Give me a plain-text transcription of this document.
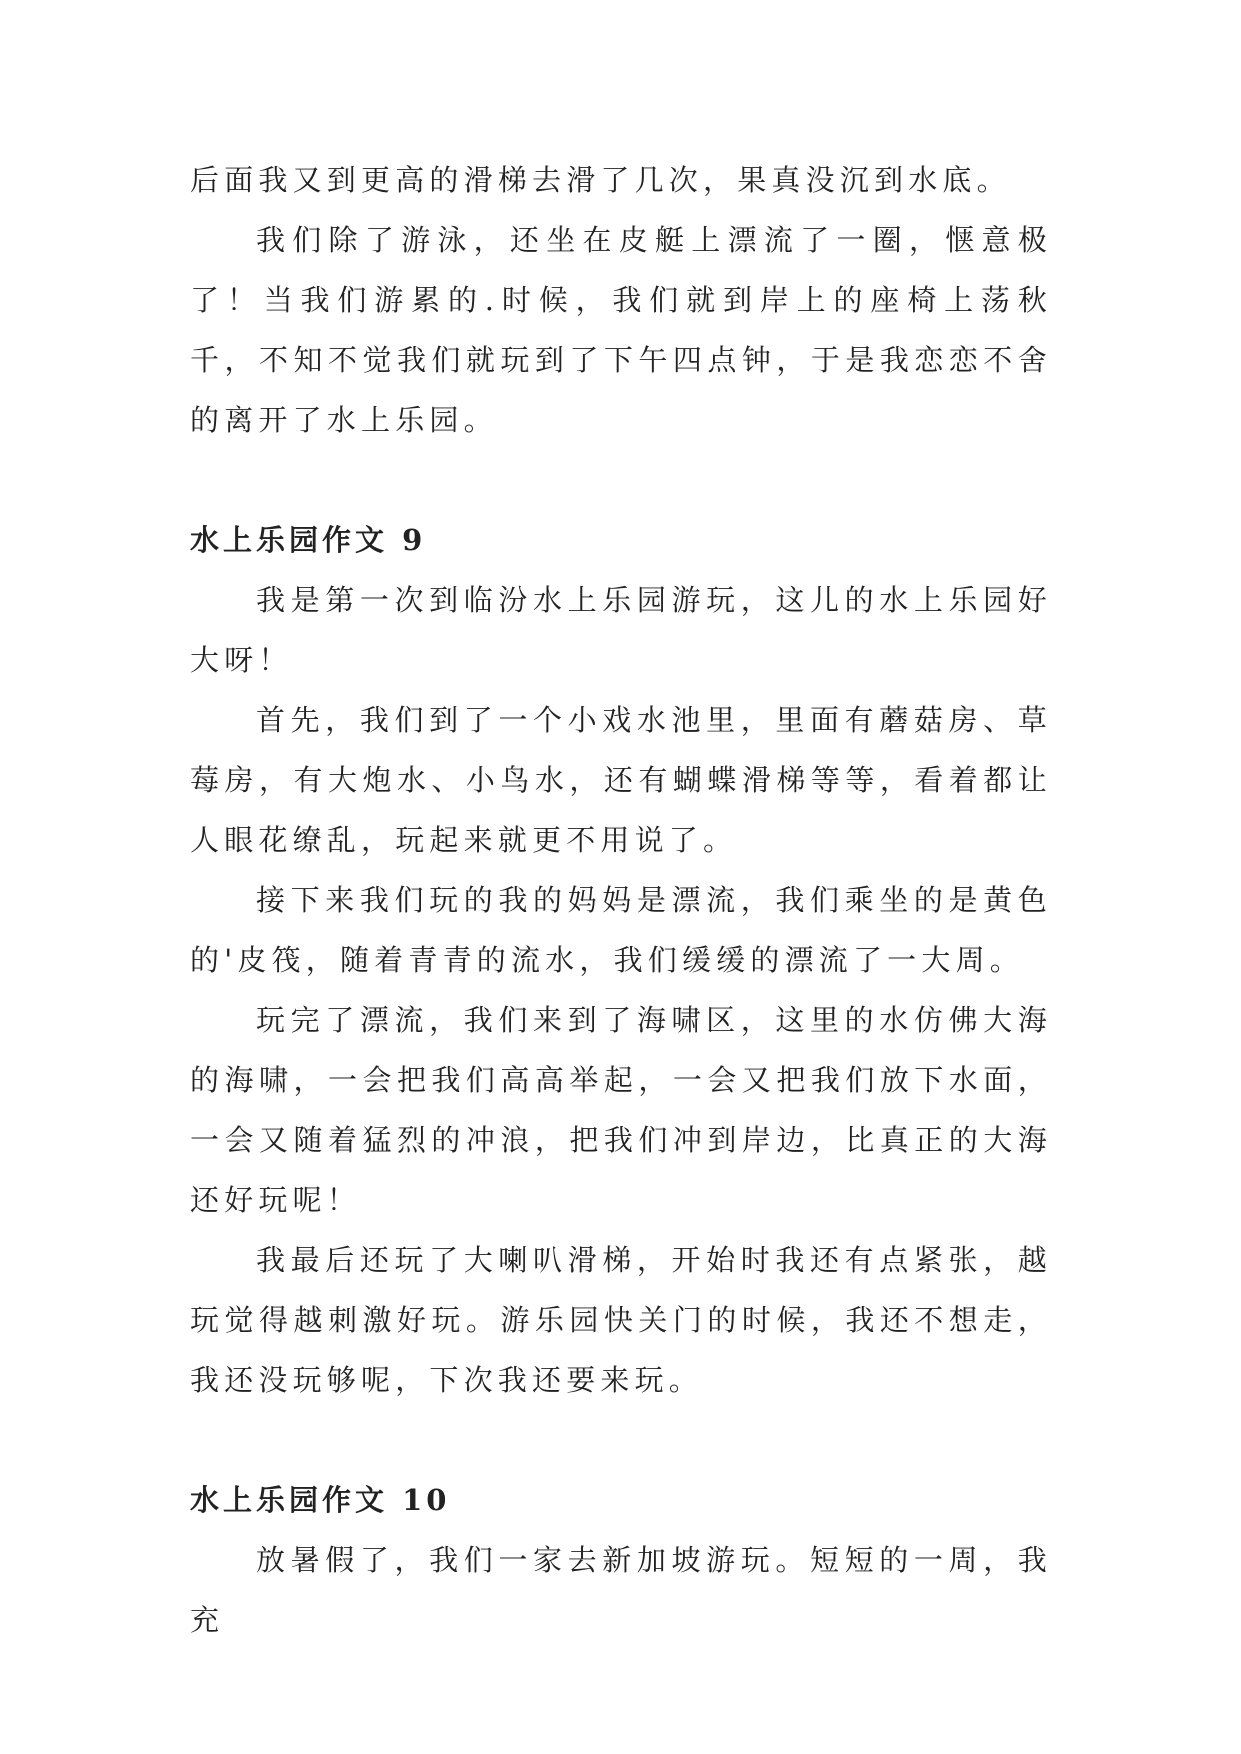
后面我又到更高的滑梯去滑了几次，果真没沉到水底。

我们除了游泳，还坐在皮艇上漂流了一圈，惬意极了！当我们游累的.时候，我们就到岸上的座椅上荡秋千，不知不觉我们就玩到了下午四点钟，于是我恋恋不舍的离开了水上乐园。

水上乐园作文 9

我是第一次到临汾水上乐园游玩，这儿的水上乐园好大呀！

首先，我们到了一个小戏水池里，里面有蘑菇房、草莓房，有大炮水、小鸟水，还有蝴蝶滑梯等等，看着都让人眼花缭乱，玩起来就更不用说了。

接下来我们玩的我的妈妈是漂流，我们乘坐的是黄色的'皮筏，随着青青的流水，我们缓缓的漂流了一大周。

玩完了漂流，我们来到了海啸区，这里的水仿佛大海的海啸，一会把我们高高举起，一会又把我们放下水面，一会又随着猛烈的冲浪，把我们冲到岸边，比真正的大海还好玩呢！

我最后还玩了大喇叭滑梯，开始时我还有点紧张，越玩觉得越刺激好玩。游乐园快关门的时候，我还不想走，我还没玩够呢，下次我还要来玩。

水上乐园作文 10

放暑假了，我们一家去新加坡游玩。短短的一周，我充
